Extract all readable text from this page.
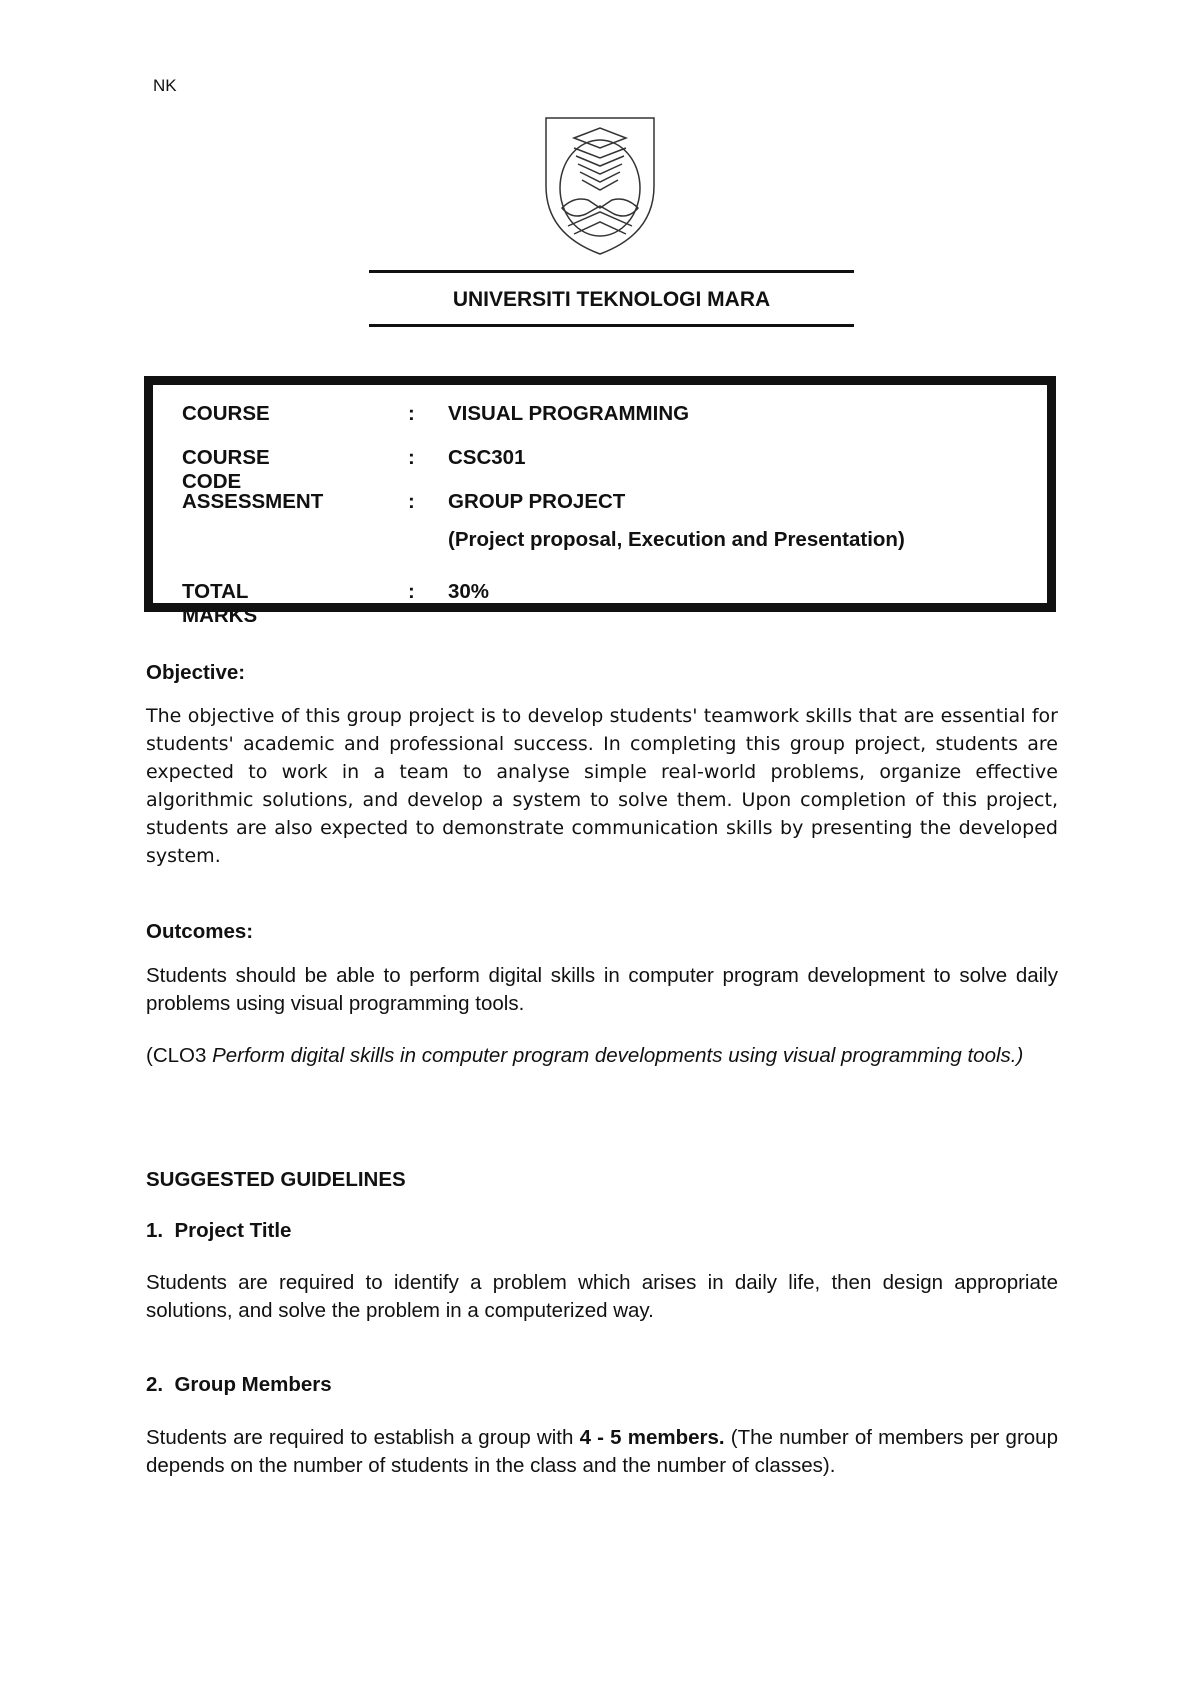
NK
UNIVERSITI TEKNOLOGI MARA
COURSE	: VISUAL PROGRAMMING
COURSE CODE
: CSC301
ASSESSMENT	: GROUP PROJECT
(Project proposal, Execution and Presentation)
TOTAL MARKS
: 30%
Objective:

The objective of this group project is to develop students' teamwork skills that are essential for students' academic and professional success. In completing this group project, students are expected to work in a team to analyse simple real-world problems, organize effective algorithmic solutions, and develop a system to solve them. Upon completion of this project, students are also expected to demonstrate communication skills by presenting the developed system.

Outcomes:

Students should be able to perform digital skills in computer program development to solve daily problems using visual programming tools.

(CLO3 Perform digital skills in computer program developments using visual programming tools.)

SUGGESTED GUIDELINES
1.  Project Title

Students are required to identify a problem which arises in daily life, then design appropriate solutions, and solve the problem in a computerized way.

2.  Group Members

Students are required to establish a group with 4 - 5 members. (The number of members per group depends on the number of students in the class and the number of classes).
